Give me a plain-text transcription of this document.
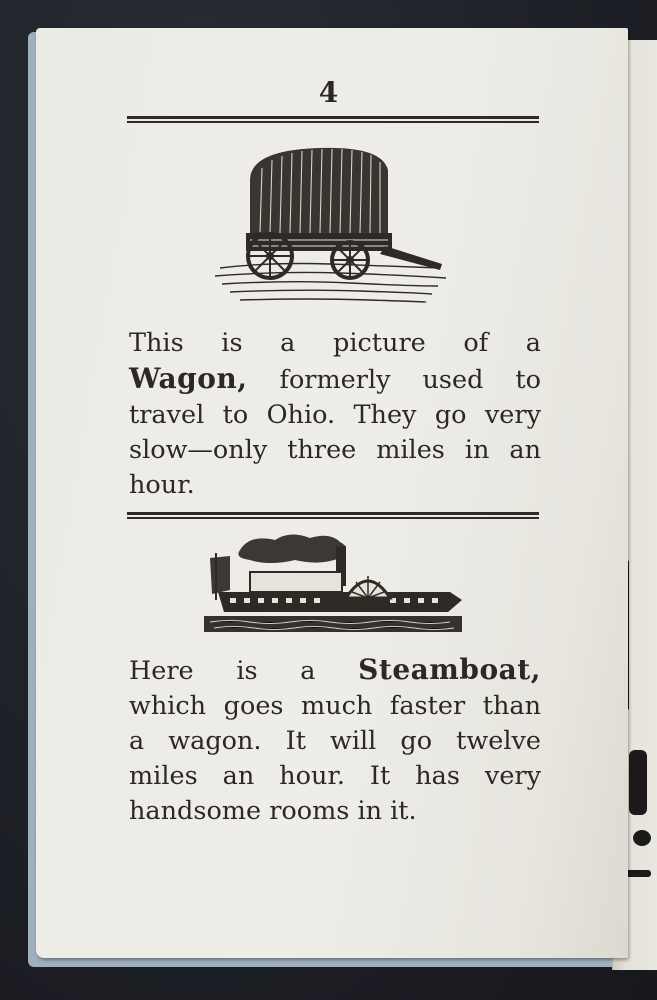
4
This is a picture of a
Wagon, formerly used to
travel to Ohio. They go very
slow—only three miles in an
hour.
Here is a Steamboat,
which goes much faster than
a wagon. It will go twelve
miles an hour. It has very
handsome rooms in it.
